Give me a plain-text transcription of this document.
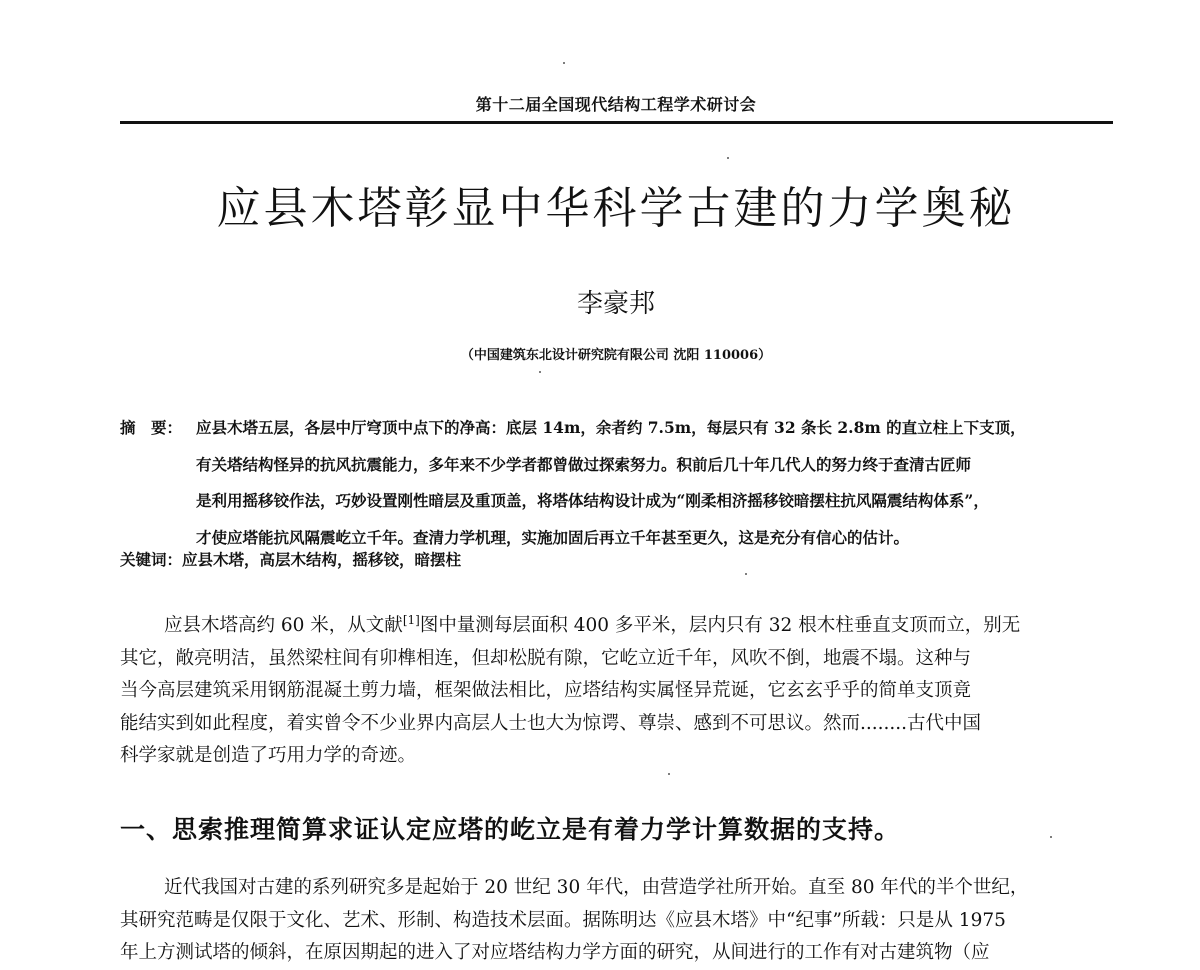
第十二届全国现代结构工程学术研讨会
应县木塔彰显中华科学古建的力学奥秘
李豪邦
（中国建筑东北设计研究院有限公司 沈阳 110006）
摘　要： 应县木塔五层，各层中厅穹顶中点下的净高：底层 14m，余者约 7.5m，每层只有 32 条长 2.8m 的直立柱上下支顶，
有关塔结构怪异的抗风抗震能力，多年来不少学者都曾做过探索努力。积前后几十年几代人的努力终于查清古匠师
是利用摇移铰作法，巧妙设置刚性暗层及重顶盖，将塔体结构设计成为“刚柔相济摇移铰暗摆柱抗风隔震结构体系”，
才使应塔能抗风隔震屹立千年。查清力学机理，实施加固后再立千年甚至更久，这是充分有信心的估计。
关键词：应县木塔，高层木结构，摇移铰，暗摆柱
应县木塔高约 60 米，从文献[1]图中量测每层面积 400 多平米，层内只有 32 根木柱垂直支顶而立，别无
其它，敞亮明洁，虽然梁柱间有卯榫相连，但却松脱有隙，它屹立近千年，风吹不倒，地震不塌。这种与
当今高层建筑采用钢筋混凝土剪力墙，框架做法相比，应塔结构实属怪异荒诞，它玄玄乎乎的简单支顶竟
能结实到如此程度，着实曾令不少业界内高层人士也大为惊谔、尊崇、感到不可思议。然而........古代中国
科学家就是创造了巧用力学的奇迹。
一、思索推理简算求证认定应塔的屹立是有着力学计算数据的支持。
近代我国对古建的系列研究多是起始于 20 世纪 30 年代，由营造学社所开始。直至 80 年代的半个世纪，
其研究范畴是仅限于文化、艺术、形制、构造技术层面。据陈明达《应县木塔》中“纪事”所载：只是从 1975
年上方测试塔的倾斜，在原因期起的进入了对应塔结构力学方面的研究，从间进行的工作有对古建筑物（应
